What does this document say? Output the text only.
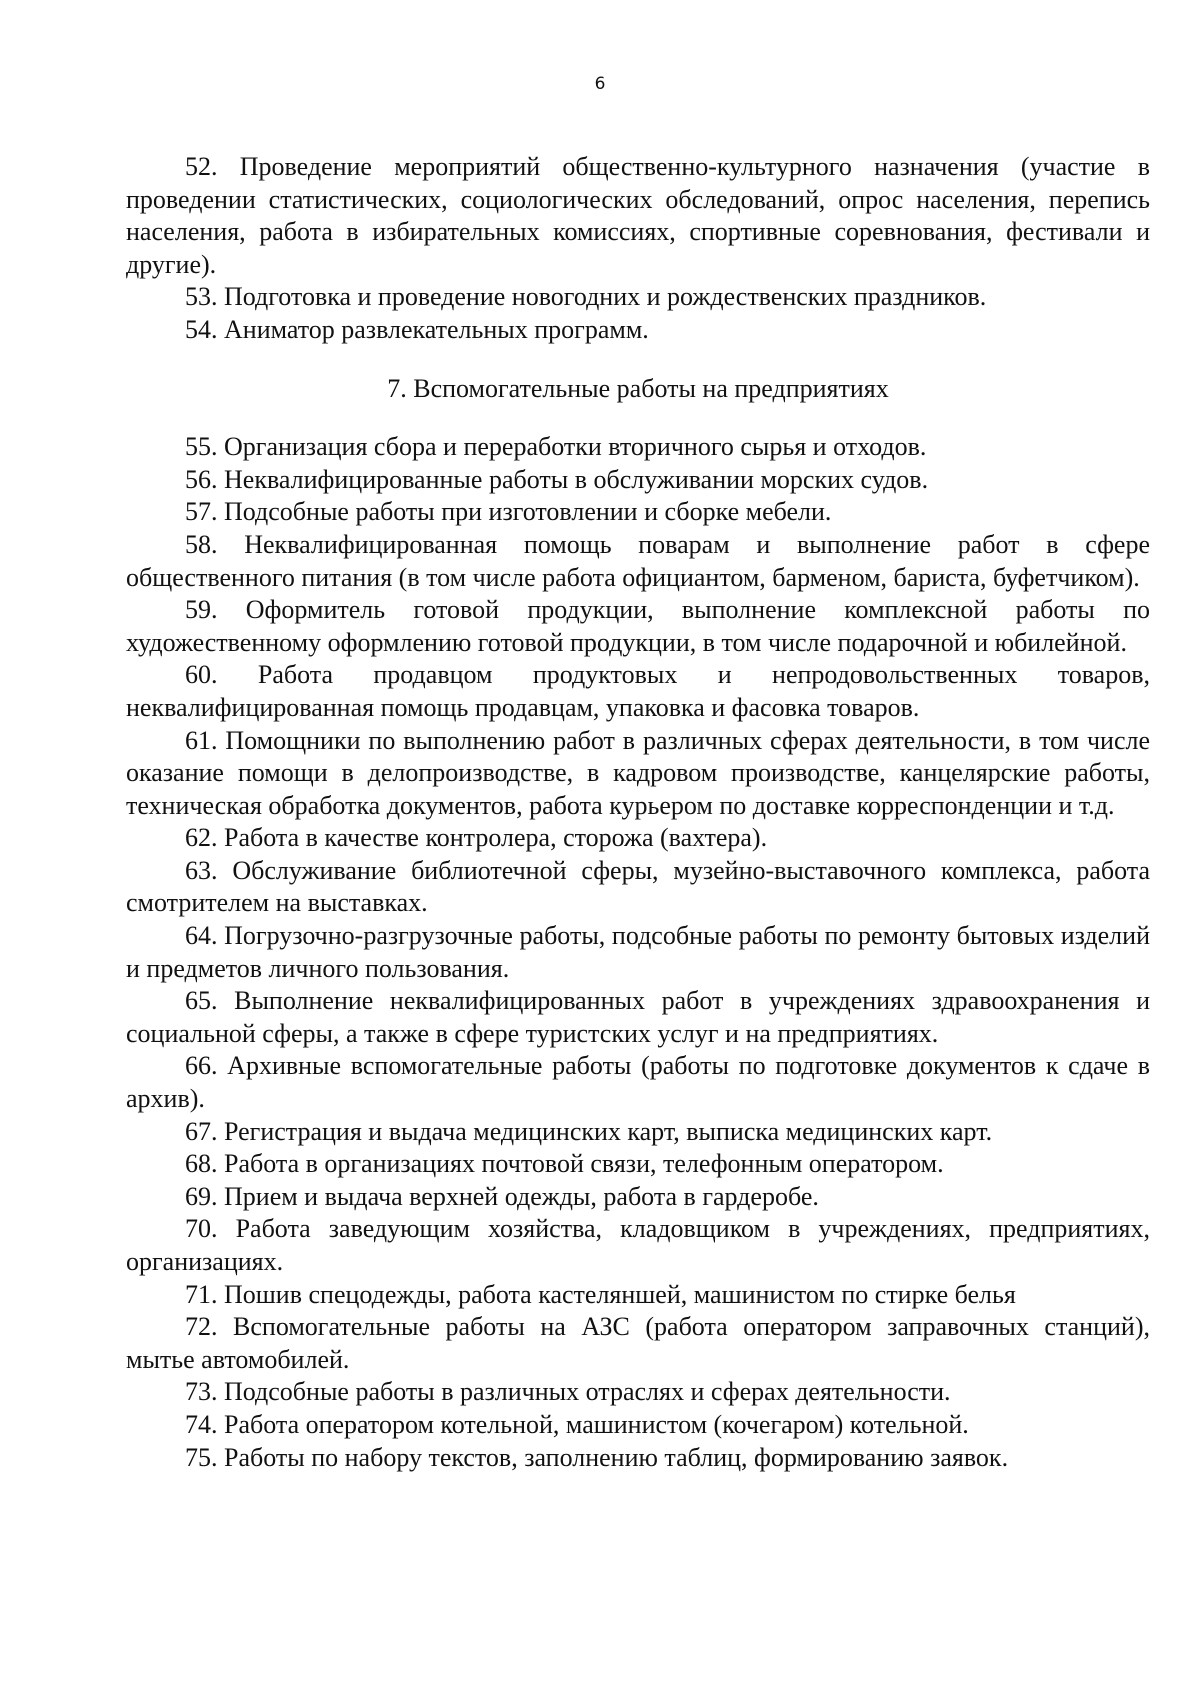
6

52. Проведение мероприятий общественно-культурного назначения (участие в проведении статистических, социологических обследований, опрос населения, перепись населения, работа в избирательных комиссиях, спортивные соревнования, фестивали и другие).

53. Подготовка и проведение новогодних и рождественских праздников.

54. Аниматор развлекательных программ.

7. Вспомогательные работы на предприятиях

55. Организация сбора и переработки вторичного сырья и отходов.

56. Неквалифицированные работы в обслуживании морских судов.

57. Подсобные работы при изготовлении и сборке мебели.

58. Неквалифицированная помощь поварам и выполнение работ в сфере общественного питания (в том числе работа официантом, барменом, бариста, буфетчиком).

59. Оформитель готовой продукции, выполнение комплексной работы по художественному оформлению готовой продукции, в том числе подарочной и юбилейной.

60. Работа продавцом продуктовых и непродовольственных товаров, неквалифицированная помощь продавцам, упаковка и фасовка товаров.

61. Помощники по выполнению работ в различных сферах деятельности, в том числе оказание помощи в делопроизводстве, в кадровом производстве, канцелярские работы, техническая обработка документов, работа курьером по доставке корреспонденции и т.д.

62. Работа в качестве контролера, сторожа (вахтера).

63. Обслуживание библиотечной сферы, музейно-выставочного комплекса, работа смотрителем на выставках.

64. Погрузочно-разгрузочные работы, подсобные работы по ремонту бытовых изделий и предметов личного пользования.

65. Выполнение неквалифицированных работ в учреждениях здравоохранения и социальной сферы, а также в сфере туристских услуг и на предприятиях.

66. Архивные вспомогательные работы (работы по подготовке документов к сдаче в архив).

67. Регистрация и выдача медицинских карт, выписка медицинских карт.

68. Работа в организациях почтовой связи, телефонным оператором.

69. Прием и выдача верхней одежды, работа в гардеробе.

70. Работа заведующим хозяйства, кладовщиком в учреждениях, предприятиях, организациях.

71. Пошив спецодежды, работа кастеляншей, машинистом по стирке белья

72. Вспомогательные работы на АЗС (работа оператором заправочных станций), мытье автомобилей.

73. Подсобные работы в различных отраслях и сферах деятельности.

74. Работа оператором котельной, машинистом (кочегаром) котельной.

75. Работы по набору текстов, заполнению таблиц, формированию заявок.
